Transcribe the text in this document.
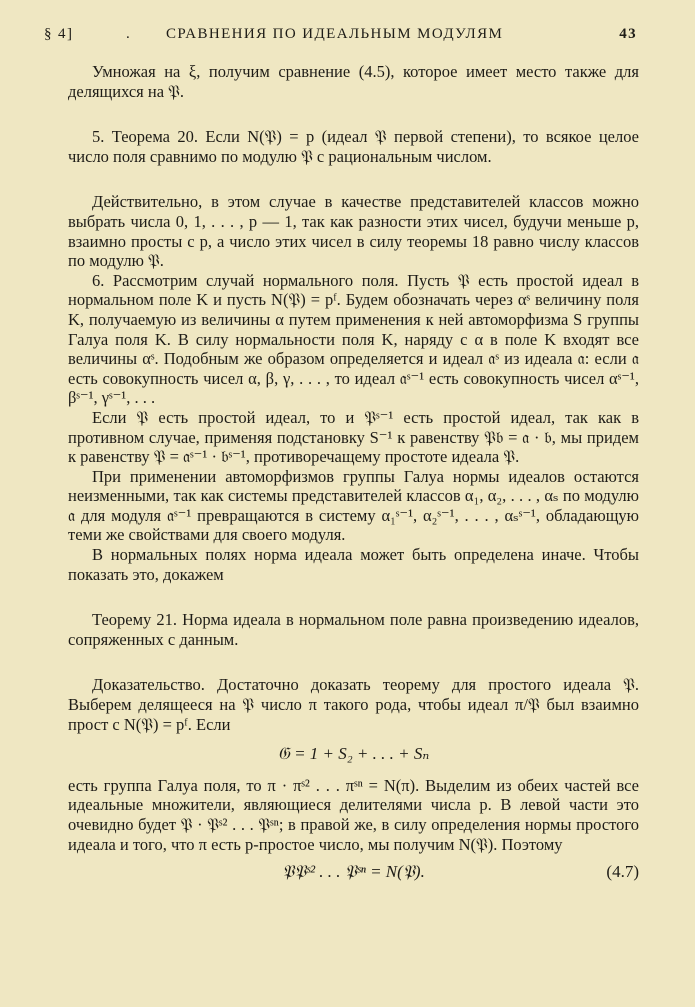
§ 4]	. СРАВНЕНИЯ ПО ИДЕАЛЬНЫМ МОДУЛЯМ	43

Умножая на ξ, получим сравнение (4.5), которое имеет место также для делящихся на 𝔓.

5. Теорема 20. Если N(𝔓) = p (идеал 𝔓 первой степени), то всякое целое число поля сравнимо по модулю 𝔓 с рациональным числом.

Действительно, в этом случае в качестве представителей классов можно выбрать числа 0, 1, . . . , p — 1, так как разности этих чисел, будучи меньше p, взаимно просты с p, а число этих чисел в силу теоремы 18 равно числу классов по модулю 𝔓.

6. Рассмотрим случай нормального поля. Пусть 𝔓 есть простой идеал в нормальном поле K и пусть N(𝔓) = pᶠ. Будем обозначать через αˢ величину поля K, получаемую из величины α путем применения к ней автоморфизма S группы Галуа поля K. В силу нормальности поля K, наряду с α в поле K входят все величины αˢ. Подобным же образом определяется и идеал 𝔞ˢ из идеала 𝔞: если 𝔞 есть совокупность чисел α, β, γ, . . . , то идеал 𝔞ˢ⁻¹ есть совокупность чисел αˢ⁻¹, βˢ⁻¹, γˢ⁻¹, . . .

Если 𝔓 есть простой идеал, то и 𝔓ˢ⁻¹ есть простой идеал, так как в противном случае, применяя подстановку S⁻¹ к равенству 𝔓𝔟 = 𝔞 · 𝔟, мы придем к равенству 𝔓 = 𝔞ˢ⁻¹ · 𝔟ˢ⁻¹, противоречащему простоте идеала 𝔓.

При применении автоморфизмов группы Галуа нормы идеалов остаются неизменными, так как системы представителей классов α₁, α₂, . . . , αₛ по модулю 𝔞 для модуля 𝔞ˢ⁻¹ превращаются в систему α₁ˢ⁻¹, α₂ˢ⁻¹, . . . , αₛˢ⁻¹, обладающую теми же свойствами для своего модуля.

В нормальных полях норма идеала может быть определена иначе. Чтобы показать это, докажем

Теорему 21. Норма идеала в нормальном поле равна произведению идеалов, сопряженных с данным.

Доказательство. Достаточно доказать теорему для простого идеала 𝔓. Выберем делящееся на 𝔓 число π такого рода, чтобы идеал π/𝔓 был взаимно прост с N(𝔓) = pᶠ. Если

𝔊 = 1 + S₂ + . . . + Sₙ

есть группа Галуа поля, то π · πˢ² . . . πˢⁿ = N(π). Выделим из обеих частей все идеальные множители, являющиеся делителями числа p. В левой части это очевидно будет 𝔓 · 𝔓ˢ² . . . 𝔓ˢⁿ; в правой же, в силу определения нормы простого идеала и того, что π есть p-простое число, мы получим N(𝔓). Поэтому

𝔓𝔓ˢ² . . . 𝔓ˢⁿ = N(𝔓).	(4.7)
